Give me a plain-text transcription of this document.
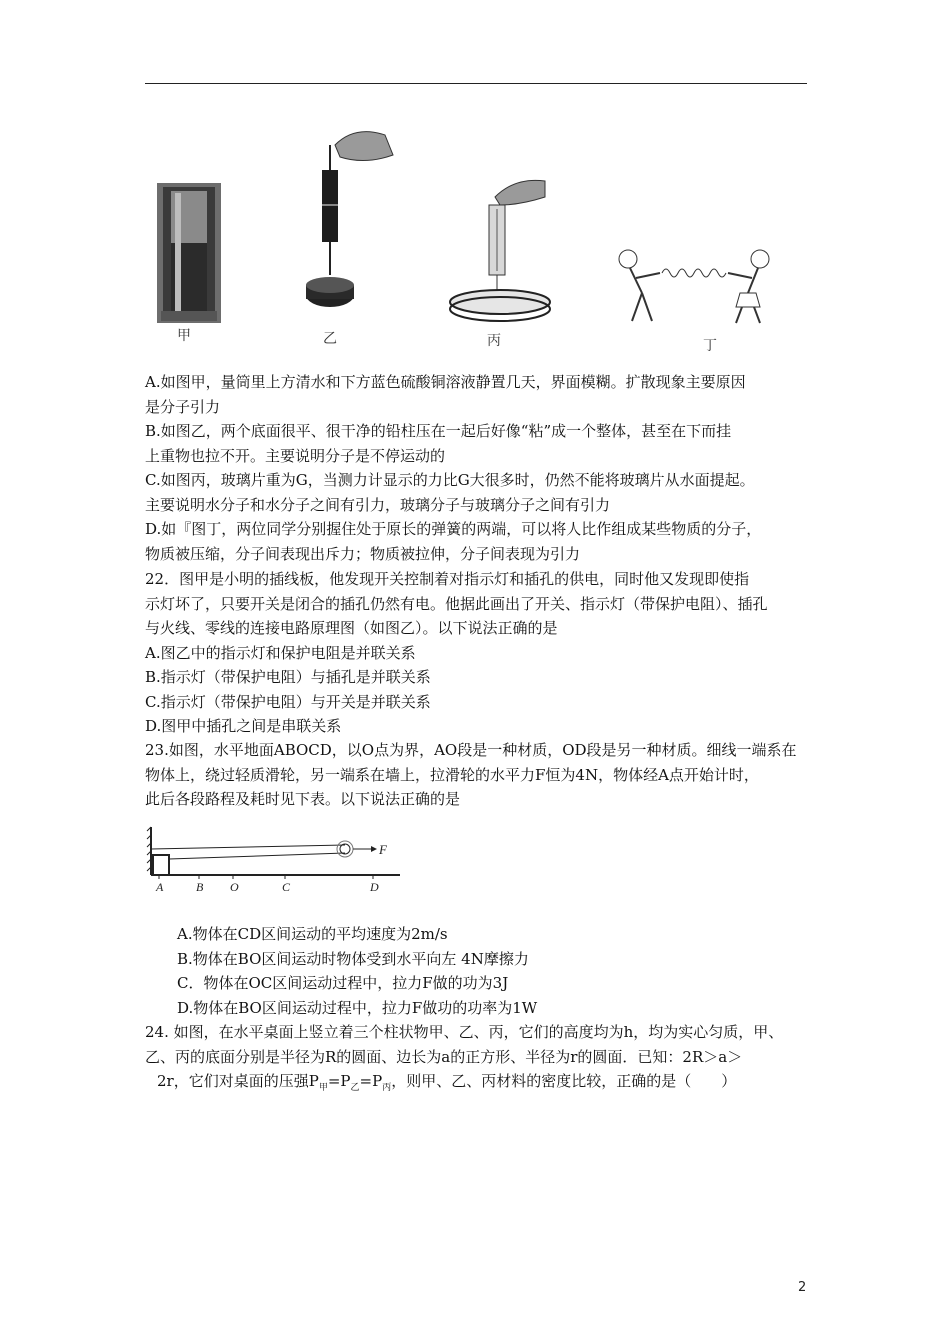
甲	乙	丙	丁

A.如图甲，量筒里上方清水和下方蓝色硫酸铜溶液静置几天，界面模糊。扩散现象主要原因

是分子引力

B.如图乙，两个底面很平、很干净的铅柱压在一起后好像“粘”成一个整体，甚至在下而挂

上重物也拉不开。主要说明分子是不停运动的

C.如图丙，玻璃片重为G，当测力计显示的力比G大很多时，仍然不能将玻璃片从水面提起。

主要说明水分子和水分子之间有引力，玻璃分子与玻璃分子之间有引力

D.如『图丁，两位同学分别握住处于原长的弹簧的两端，可以将人比作组成某些物质的分子，

物质被压缩，分子间表现出斥力；物质被拉伸，分子间表现为引力

22．图甲是小明的插线板，他发现开关控制着对指示灯和插孔的供电，同时他又发现即使指

示灯坏了，只要开关是闭合的插孔仍然有电。他据此画出了开关、指示灯（带保护电阻）、插孔

与火线、零线的连接电路原理图（如图乙）。以下说法正确的是

A.图乙中的指示灯和保护电阻是并联关系

B.指示灯（带保护电阻）与插孔是并联关系

C.指示灯（带保护电阻）与开关是并联关系

D.图甲中插孔之间是串联关系

23.如图，水平地面ABOCD，以O点为界，AO段是一种材质，OD段是另一种材质。细线一端系在

物体上，绕过轻质滑轮，另一端系在墙上，拉滑轮的水平力F恒为4N，物体经A点开始计时，

此后各段路程及耗时见下表。以下说法正确的是

F
A	B O	C	D

A.物体在CD区间运动的平均速度为2m/s

B.物体在BO区间运动时物体受到水平向左 4N摩擦力

C．物体在OC区间运动过程中，拉力F做的功为3J

D.物体在BO区间运动过程中，拉力F做功的功率为1W

24. 如图，在水平桌面上竖立着三个柱状物甲、乙、丙，它们的高度均为h，均为实心匀质，甲、

乙、丙的底面分别是半径为R的圆面、边长为a的正方形、半径为r的圆面．已知：2R＞a＞

2r，它们对桌面的压强$P_甲=P_乙=P_丙$，则甲、乙、丙材料的密度比较，正确的是（　　）

2
